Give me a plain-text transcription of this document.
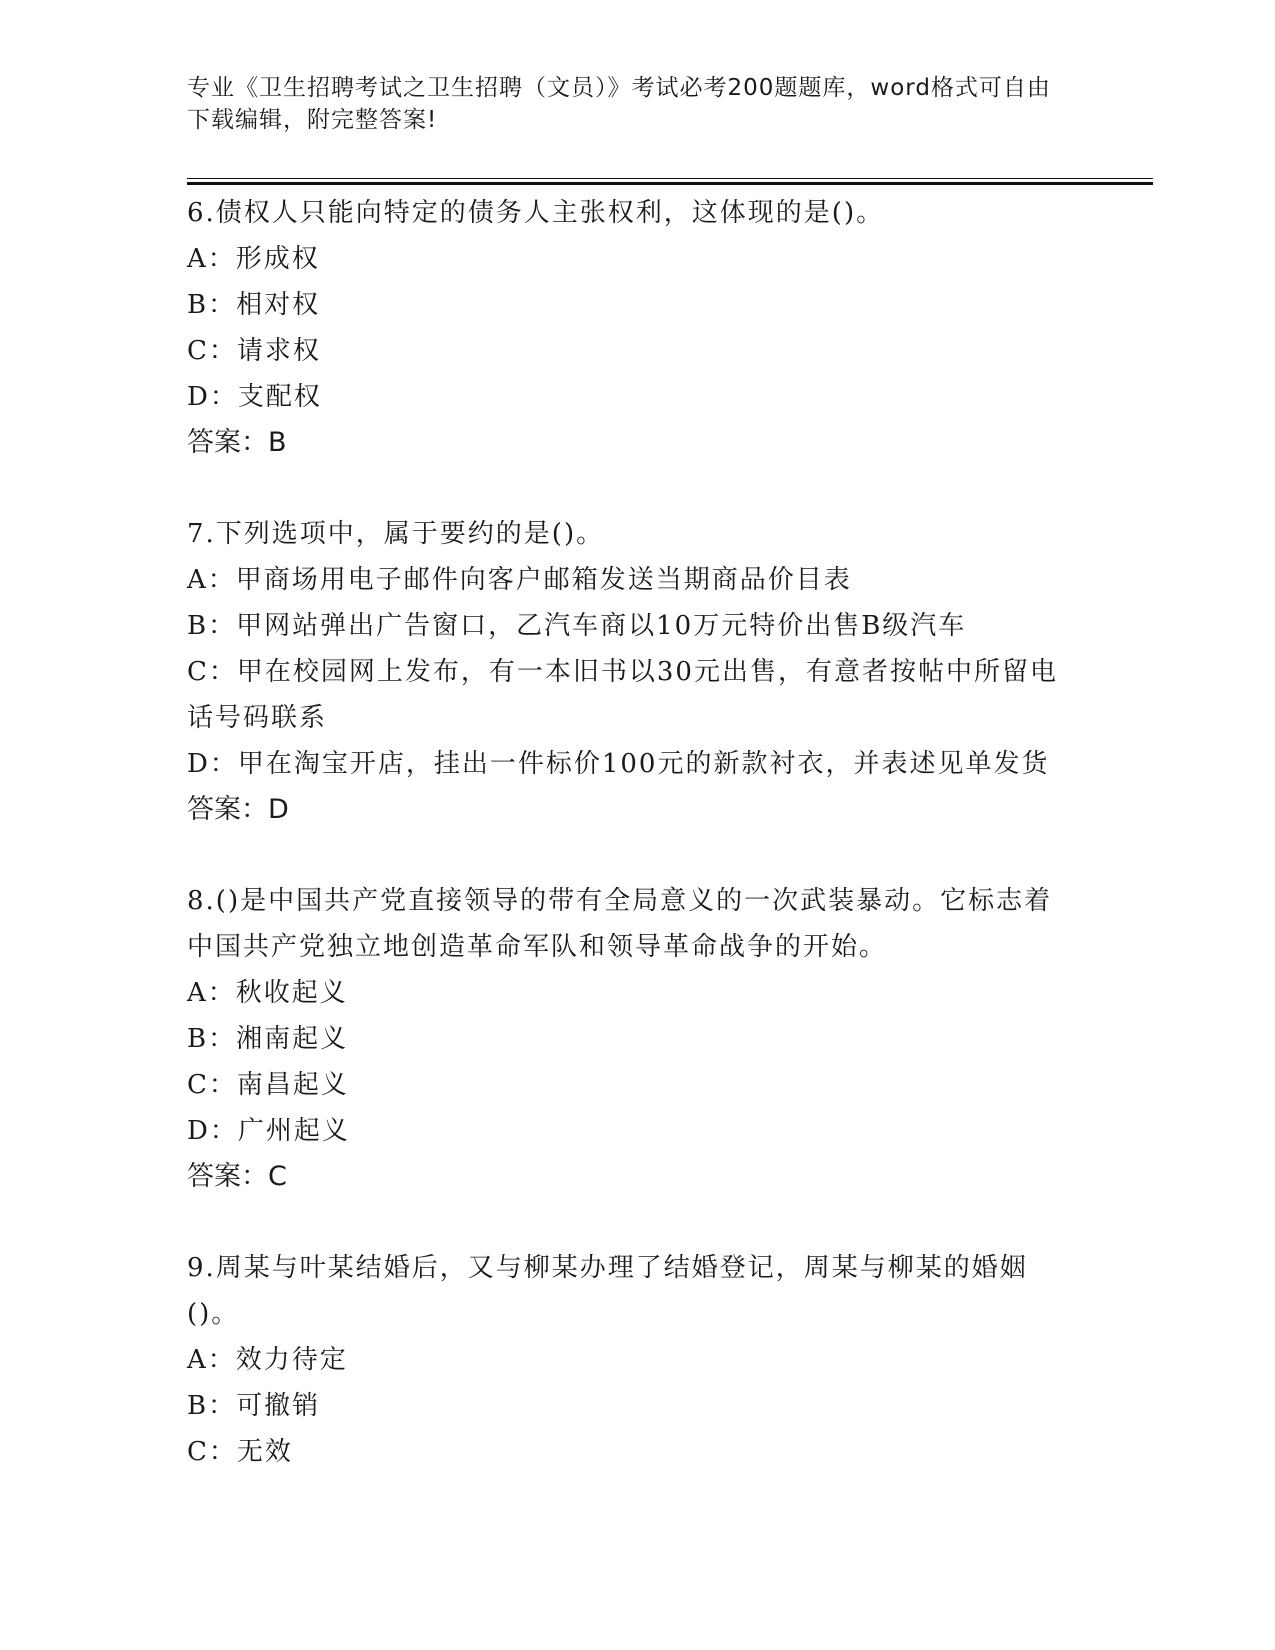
专业《卫生招聘考试之卫生招聘（文员）》考试必考200题题库，word格式可自由下载编辑，附完整答案!

6.债权人只能向特定的债务人主张权利，这体现的是()。

A：形成权

B：相对权

C：请求权

D：支配权

答案：B

7.下列选项中，属于要约的是()。

A：甲商场用电子邮件向客户邮箱发送当期商品价目表

B：甲网站弹出广告窗口，乙汽车商以10万元特价出售B级汽车

C：甲在校园网上发布，有一本旧书以30元出售，有意者按帖中所留电话号码联系

D：甲在淘宝开店，挂出一件标价100元的新款衬衣，并表述见单发货

答案：D

8.()是中国共产党直接领导的带有全局意义的一次武装暴动。它标志着中国共产党独立地创造革命军队和领导革命战争的开始。

A：秋收起义

B：湘南起义

C：南昌起义

D：广州起义

答案：C

9.周某与叶某结婚后，又与柳某办理了结婚登记，周某与柳某的婚姻()。

A：效力待定

B：可撤销

C：无效
